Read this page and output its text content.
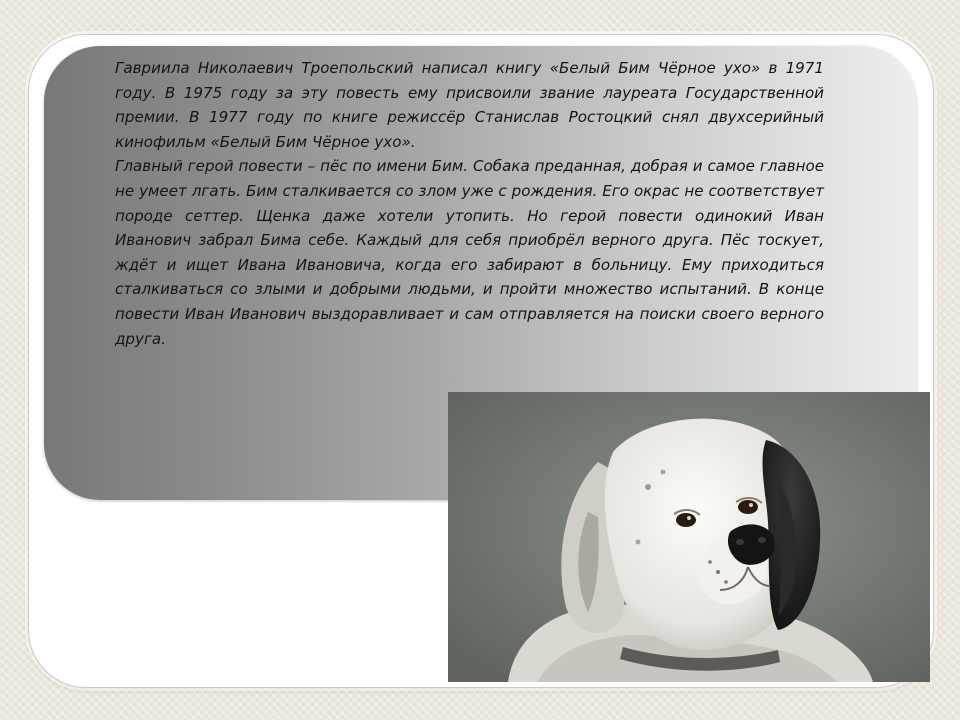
Гавриила Николаевич Троепольский написал книгу «Белый Бим Чёрное ухо» в 1971 году. В 1975 году за эту повесть ему присвоили звание лауреата Государственной премии. В 1977 году по книге режиссёр Станислав Ростоцкий снял двухсерийный кинофильм «Белый Бим Чёрное ухо».

Главный герой повести – пёс по имени Бим. Собака преданная, добрая и самое главное не умеет лгать. Бим сталкивается со злом уже с рождения. Его окрас не соответствует породе сеттер. Щенка даже хотели утопить. Но герой повести одинокий Иван Иванович забрал Бима себе. Каждый для себя приобрёл верного друга. Пёс тоскует, ждёт и ищет Ивана Ивановича, когда его забирают в больницу. Ему приходиться сталкиваться со злыми и добрыми людьми, и пройти множество испытаний. В конце повести Иван Иванович выздоравливает и сам отправляется на поиски своего верного друга.
